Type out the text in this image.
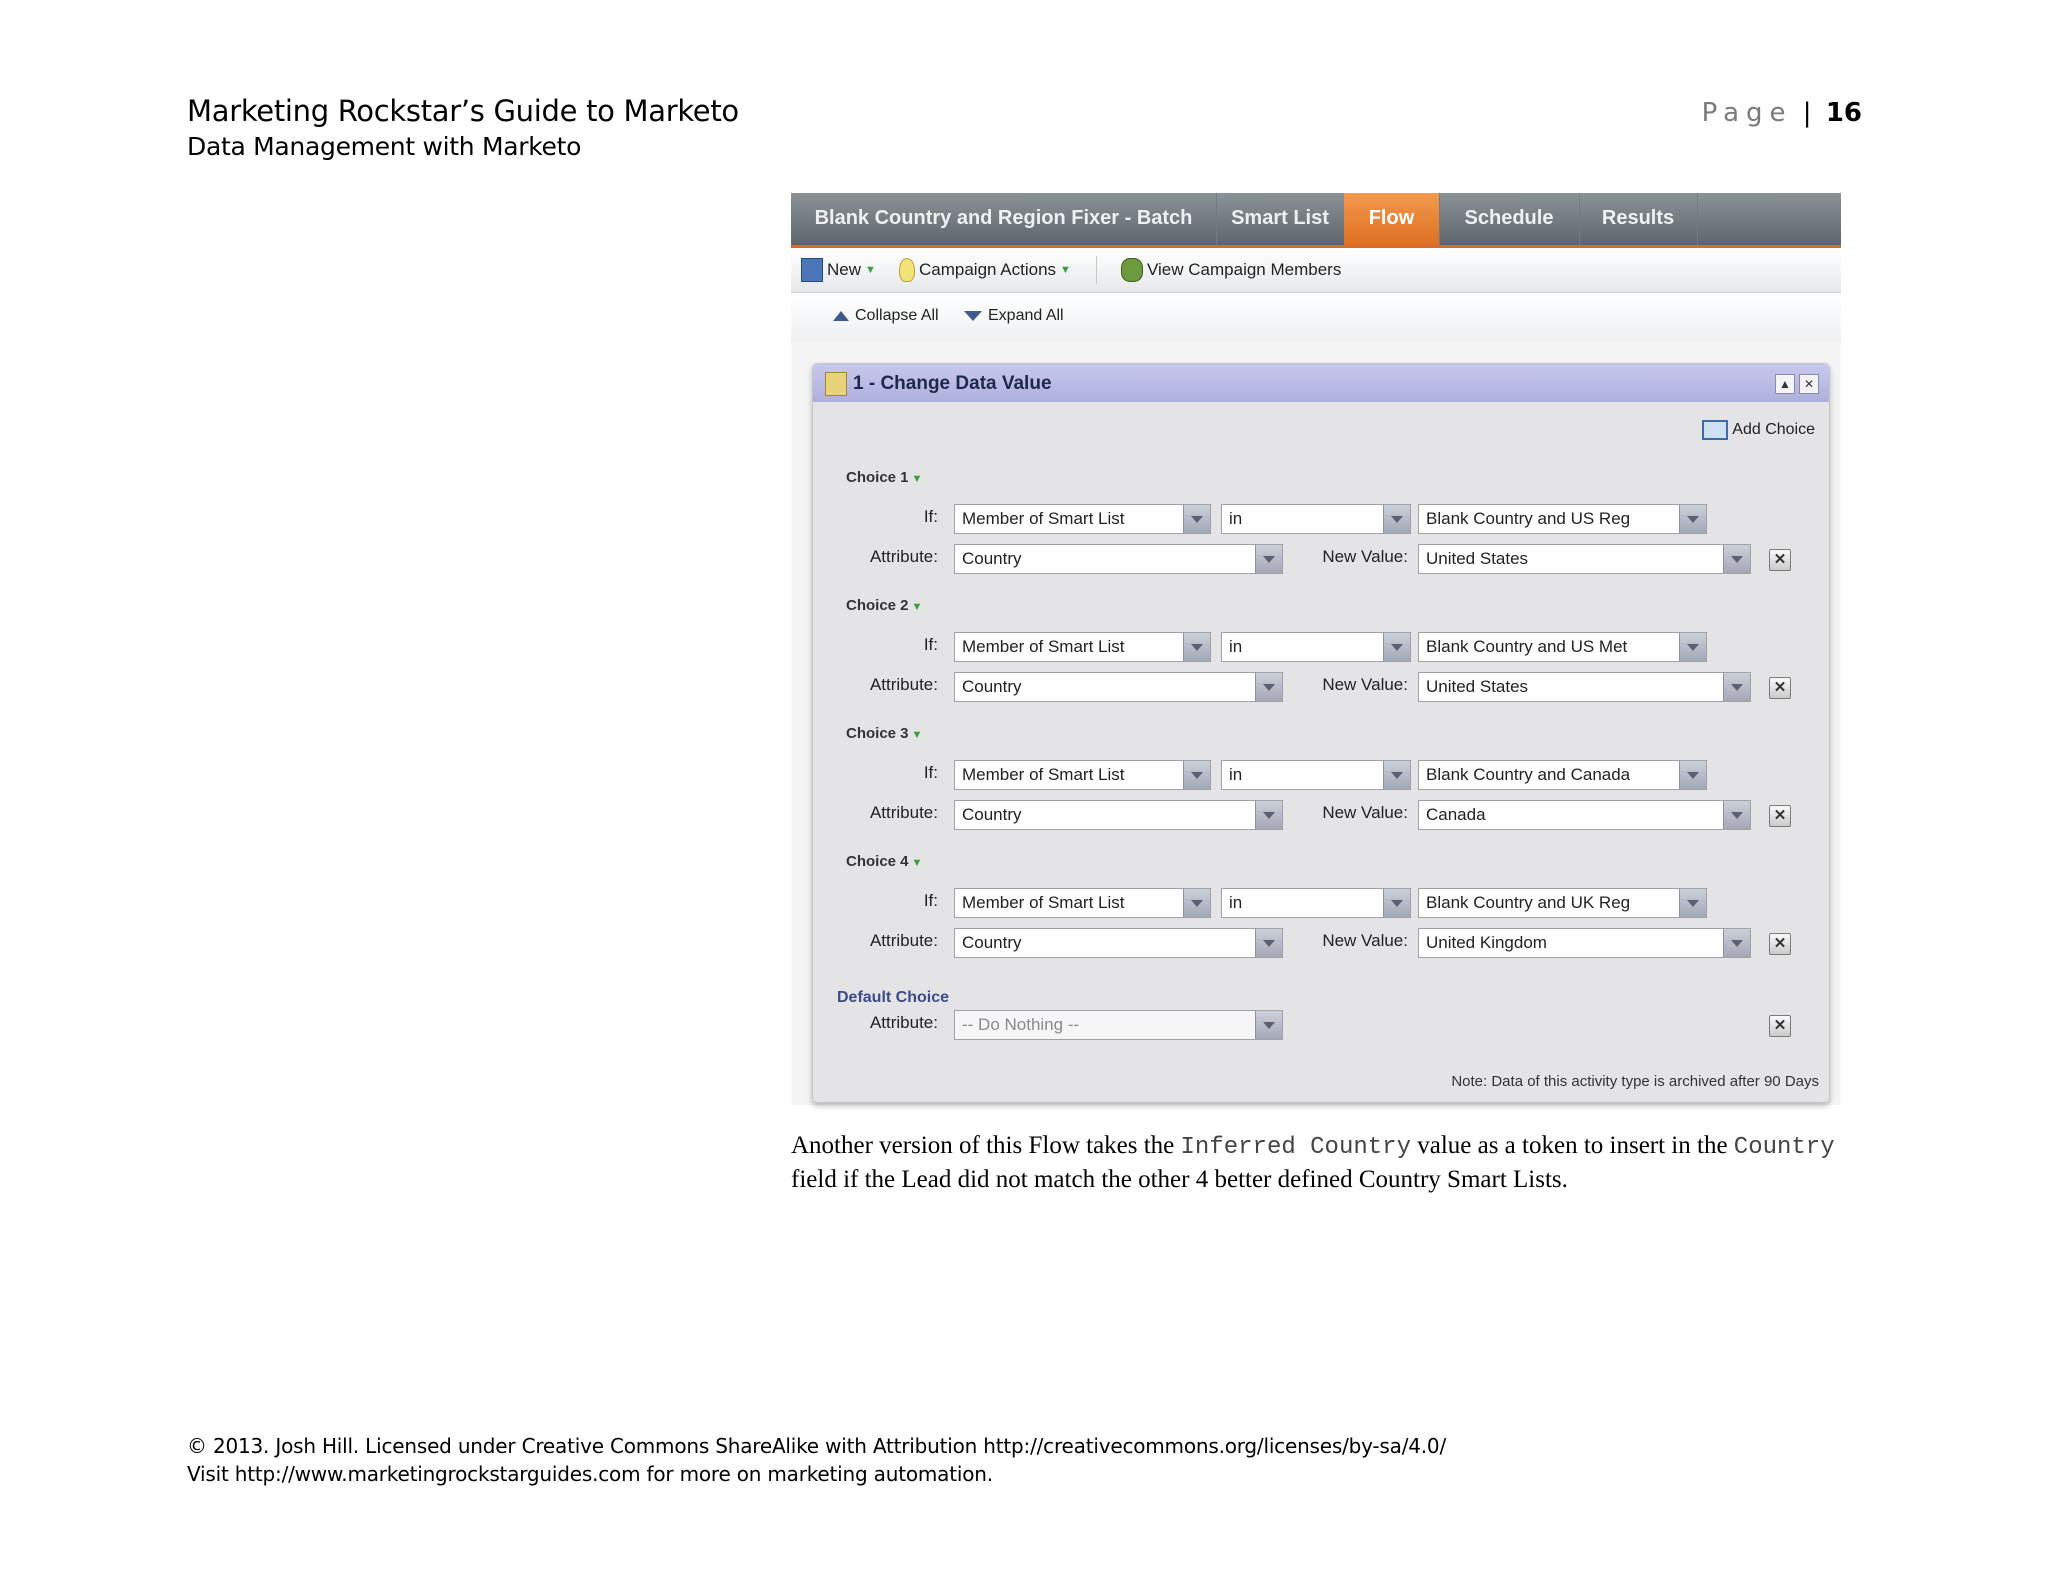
Marketing Rockstar’s Guide to Marketo
Data Management with Marketo
Page | 16
Blank Country and Region Fixer - Batch	Smart List	Flow	Schedule	Results
New ▼	Campaign Actions ▼	View Campaign Members
Collapse All	Expand All
1 - Change Data Value	▲	✕
Add Choice
Choice 1 ▼
If:	Member of Smart List	in	Blank Country and US Reg
Attribute:	Country	New Value:	United States	✕
Choice 2 ▼
If:	Member of Smart List	in	Blank Country and US Met
Attribute:	Country	New Value:	United States	✕
Choice 3 ▼
If:	Member of Smart List	in	Blank Country and Canada
Attribute:	Country	New Value:	Canada	✕
Choice 4 ▼
If:	Member of Smart List	in	Blank Country and UK Reg
Attribute:	Country	New Value:	United Kingdom	✕
Default Choice
Attribute:	-- Do Nothing --	✕
Note: Data of this activity type is archived after 90 Days
Another version of this Flow takes the Inferred Country value as a token to insert in the Country field if the Lead did not match the other 4 better defined Country Smart Lists.
© 2013. Josh Hill. Licensed under Creative Commons ShareAlike with Attribution http://creativecommons.org/licenses/by-sa/4.0/
Visit http://www.marketingrockstarguides.com for more on marketing automation.
